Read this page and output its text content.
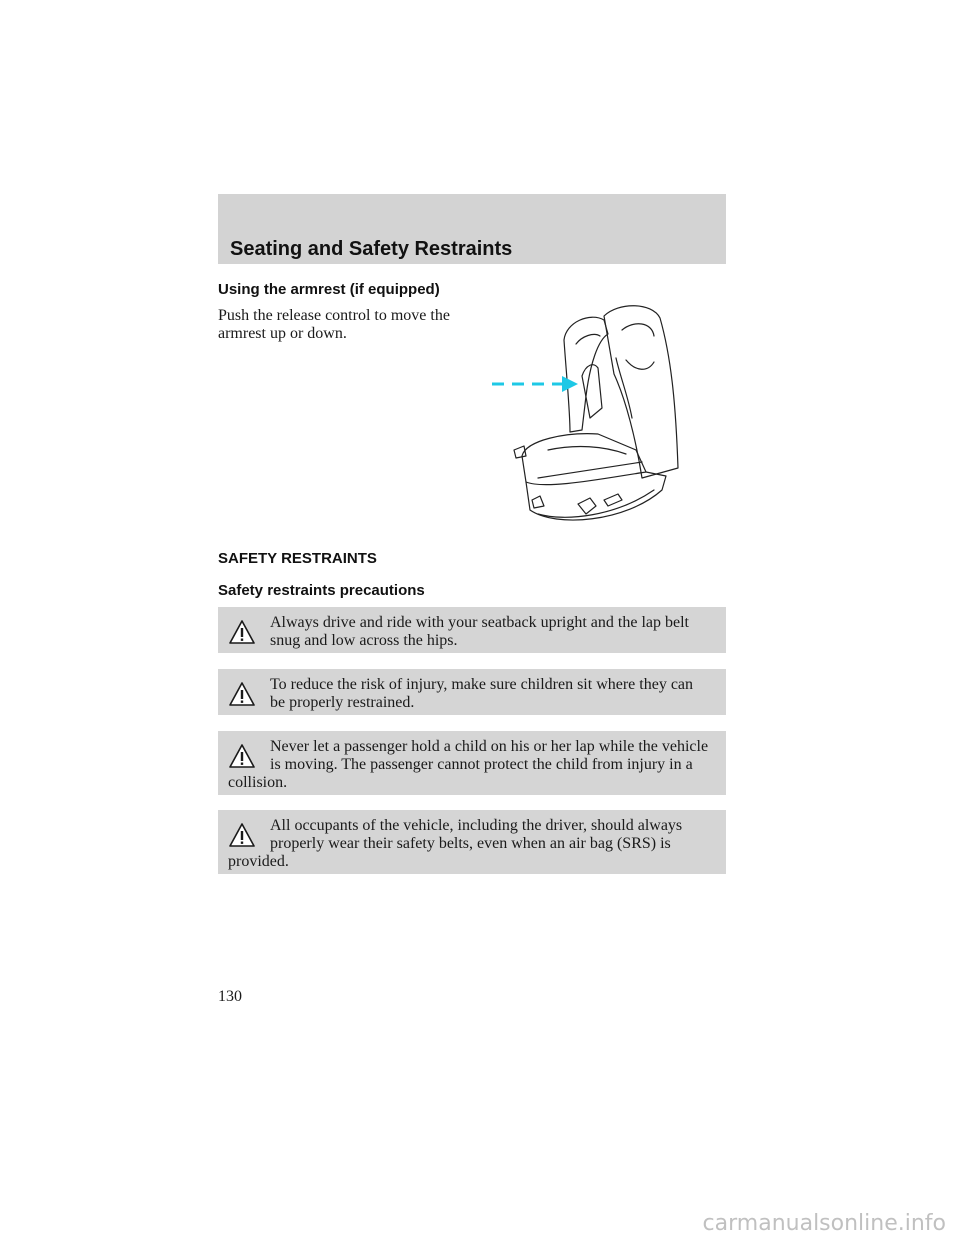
Seating and Safety Restraints
Using the armrest (if equipped)

Push the release control to move the armrest up or down.

SAFETY RESTRAINTS
Safety restraints precautions
Always drive and ride with your seatback upright and the lap belt snug and low across the hips.
To reduce the risk of injury, make sure children sit where they can be properly restrained.
Never let a passenger hold a child on his or her lap while the vehicle is moving. The passenger cannot protect the child from injury in a collision.
All occupants of the vehicle, including the driver, should always properly wear their safety belts, even when an air bag (SRS) is provided.

130

carmanualsonline.info
